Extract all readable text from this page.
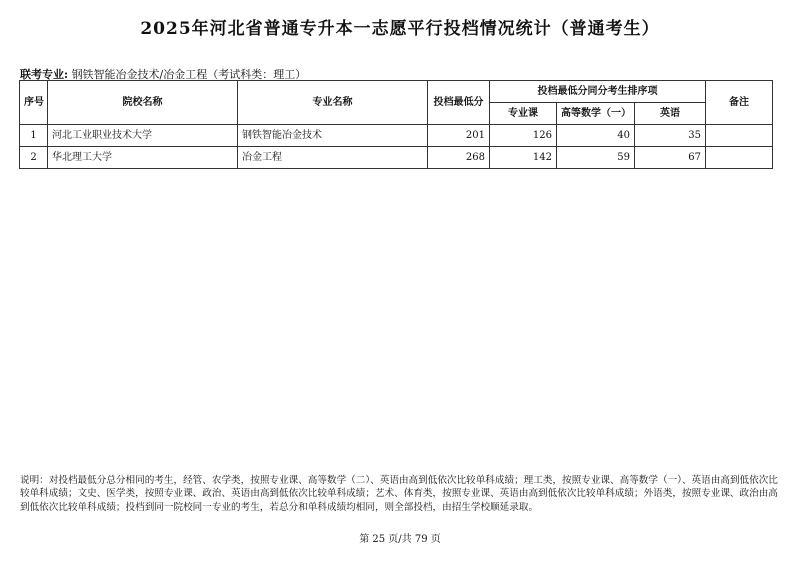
2025年河北省普通专升本一志愿平行投档情况统计（普通考生）
联考专业: 钢铁智能冶金技术/冶金工程（考试科类：理工）
序号	院校名称	专业名称	投档最低分	投档最低分同分考生排序项			备注
				专业课	高等数学（一）	英语	
1	河北工业职业技术大学	钢铁智能冶金技术	201	126	40	35	
2	华北理工大学	冶金工程	268	142	59	67	
说明：对投档最低分总分相同的考生，经管、农学类，按照专业课、高等数学（二）、英语由高到低依次比较单科成绩；理工类，按照专业课、高等数学（一）、英语由高到低依次比较单科成绩；文史、医学类，按照专业课、政治、英语由高到低依次比较单科成绩；艺术、体育类，按照专业课、英语由高到低依次比较单科成绩；外语类，按照专业课、政治由高到低依次比较单科成绩；投档到同一院校同一专业的考生，若总分和单科成绩均相同，则全部投档，由招生学校顺延录取。
第 25 页/共 79 页
